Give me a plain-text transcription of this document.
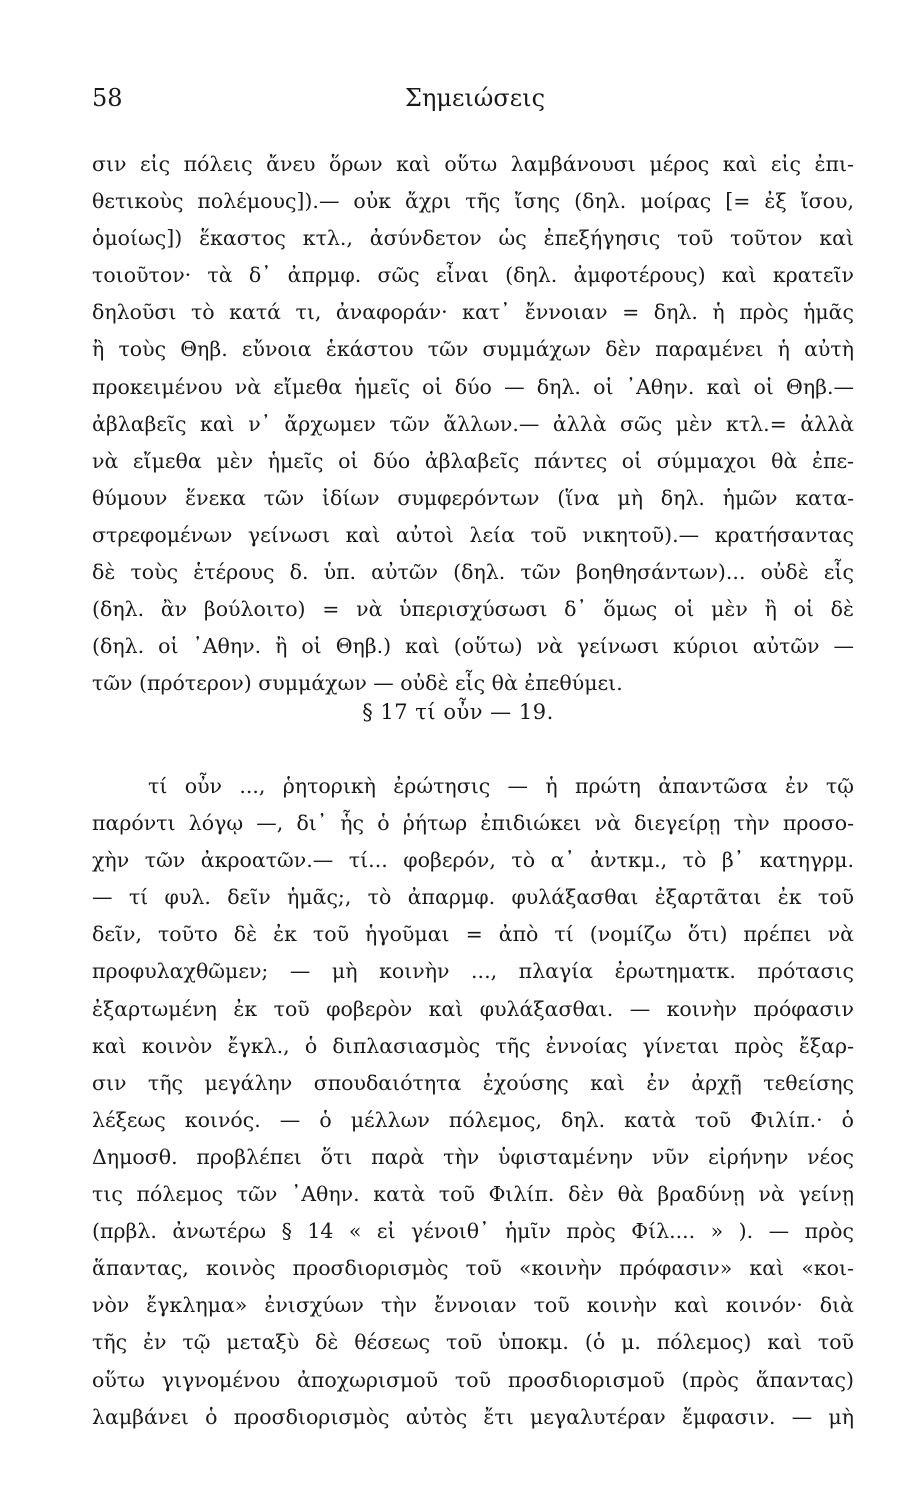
58	Σημειώσεις
σιν εἰς πόλεις ἄνευ ὅρων καὶ οὕτω λαμβάνουσι μέρος καὶ εἰς ἐπι-
θετικοὺς πολέμους]).— οὐκ ἄχρι τῆς ἴσης (δηλ. μοίρας [= ἐξ ἴσου,
ὁμοίως]) ἕκαστος κτλ., ἀσύνδετον ὡς ἐπεξήγησις τοῦ τοῦτον καὶ
τοιοῦτον· τὰ δ᾽ ἀπρμφ. σῶς εἶναι (δηλ. ἀμφοτέρους) καὶ κρατεῖν
δηλοῦσι τὸ κατά τι, ἀναφοράν· κατ᾽ ἔννοιαν = δηλ. ἡ πρὸς ἡμᾶς
ἢ τοὺς Θηβ. εὔνοια ἑκάστου τῶν συμμάχων δὲν παραμένει ἡ αὐτὴ
προκειμένου νὰ εἴμεθα ἡμεῖς οἱ δύο — δηλ. οἱ ᾽Αθην. καὶ οἱ Θηβ.—
ἀβλαβεῖς καὶ ν᾽ ἄρχωμεν τῶν ἄλλων.— ἀλλὰ σῶς μὲν κτλ.= ἀλλὰ
νὰ εἴμεθα μὲν ἡμεῖς οἱ δύο ἀβλαβεῖς πάντες οἱ σύμμαχοι θὰ ἐπε-
θύμουν ἕνεκα τῶν ἰδίων συμφερόντων (ἵνα μὴ δηλ. ἡμῶν κατα-
στρεφομένων γείνωσι καὶ αὐτοὶ λεία τοῦ νικητοῦ).— κρατήσαντας
δὲ τοὺς ἑτέρους δ. ὑπ. αὐτῶν (δηλ. τῶν βοηθησάντων)... οὐδὲ εἷς
(δηλ. ἂν βούλοιτο) = νὰ ὑπερισχύσωσι δ᾽ ὅμως οἱ μὲν ἢ οἱ δὲ
(δηλ. οἱ ᾽Αθην. ἢ οἱ Θηβ.) καὶ (οὕτω) νὰ γείνωσι κύριοι αὐτῶν —
τῶν (πρότερον) συμμάχων — οὐδὲ εἷς θὰ ἐπεθύμει.
§ 17 τί οὖν — 19.
τί οὖν ..., ῥητορικὴ ἐρώτησις — ἡ πρώτη ἀπαντῶσα ἐν τῷ
παρόντι λόγῳ —, δι᾽ ἧς ὁ ῥήτωρ ἐπιδιώκει νὰ διεγείρῃ τὴν προσο-
χὴν τῶν ἀκροατῶν.— τί... φοβερόν, τὸ α᾽ ἀντκμ., τὸ β᾽ κατηγρμ.
— τί φυλ. δεῖν ἡμᾶς;, τὸ ἀπαρμφ. φυλάξασθαι ἐξαρτᾶται ἐκ τοῦ
δεῖν, τοῦτο δὲ ἐκ τοῦ ἡγοῦμαι = ἀπὸ τί (νομίζω ὅτι) πρέπει νὰ
προφυλαχθῶμεν; — μὴ κοινὴν ..., πλαγία ἐρωτηματκ. πρότασις
ἐξαρτωμένη ἐκ τοῦ φοβερὸν καὶ φυλάξασθαι. — κοινὴν πρόφασιν
καὶ κοινὸν ἔγκλ., ὁ διπλασιασμὸς τῆς ἐννοίας γίνεται πρὸς ἔξαρ-
σιν τῆς μεγάλην σπουδαιότητα ἐχούσης καὶ ἐν ἀρχῇ τεθείσης
λέξεως κοινός. — ὁ μέλλων πόλεμος, δηλ. κατὰ τοῦ Φιλίπ.· ὁ
Δημοσθ. προβλέπει ὅτι παρὰ τὴν ὑφισταμένην νῦν εἰρήνην νέος
τις πόλεμος τῶν ᾽Αθην. κατὰ τοῦ Φιλίπ. δὲν θὰ βραδύνῃ νὰ γείνῃ
(πρβλ. ἀνωτέρω § 14 « εἰ γένοιθ᾽ ἡμῖν πρὸς Φίλ.... » ). — πρὸς
ἅπαντας, κοινὸς προσδιορισμὸς τοῦ «κοινὴν πρόφασιν» καὶ «κοι-
νὸν ἔγκλημα» ἐνισχύων τὴν ἔννοιαν τοῦ κοινὴν καὶ κοινόν· διὰ
τῆς ἐν τῷ μεταξὺ δὲ θέσεως τοῦ ὑποκμ. (ὁ μ. πόλεμος) καὶ τοῦ
οὕτω γιγνομένου ἀποχωρισμοῦ τοῦ προσδιορισμοῦ (πρὸς ἅπαντας)
λαμβάνει ὁ προσδιορισμὸς αὐτὸς ἔτι μεγαλυτέραν ἔμφασιν. — μὴ
